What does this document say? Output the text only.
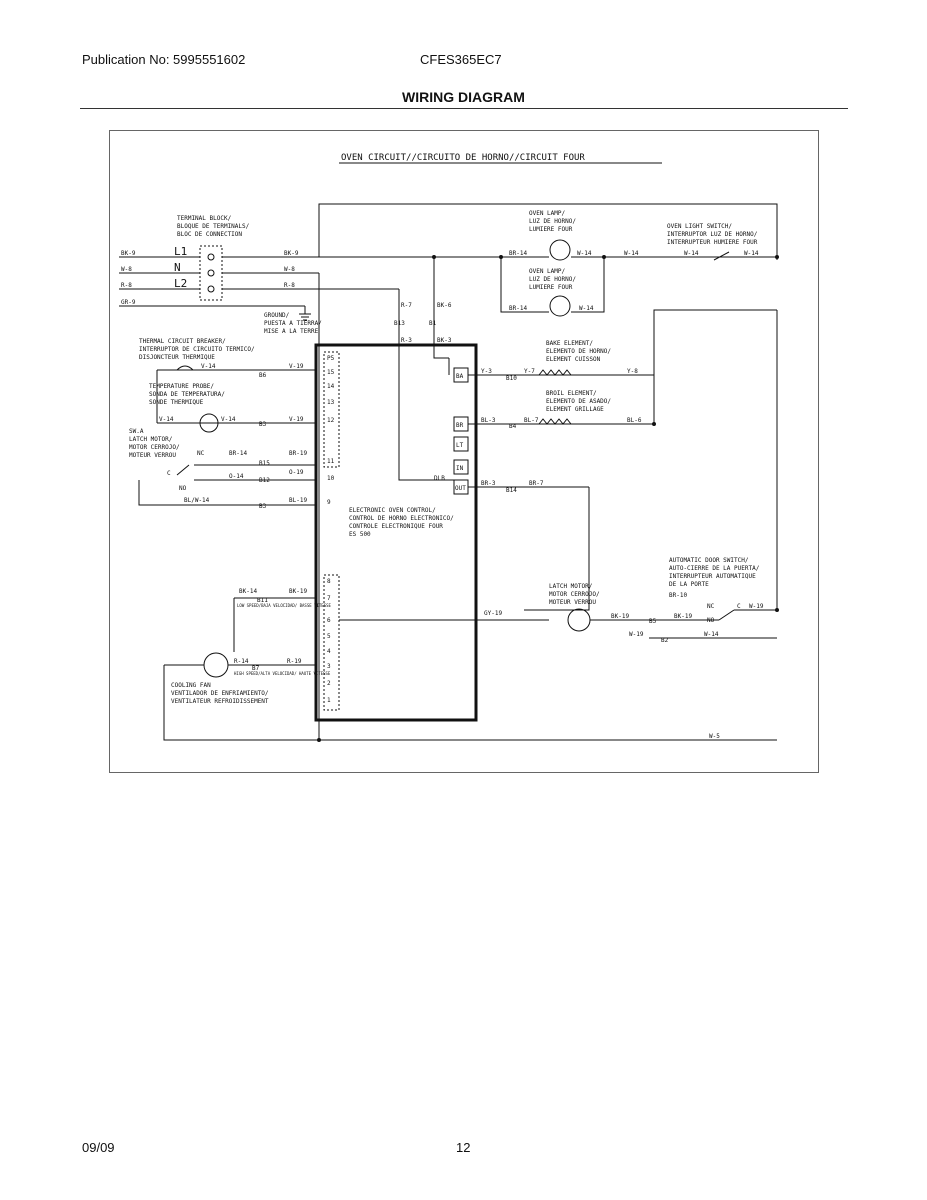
Publication No: 5995551602	CFES365EC7
WIRING DIAGRAM
OVEN CIRCUIT//CIRCUITO DE HORNO//CIRCUIT FOUR
TERMINAL BLOCK/
BLOQUE DE TERMINALS/
BLOC DE CONNECTION
L1
N
L2
BK-9
W-8
R-8
GR-9
BK-9
W-8
R-8
GROUND/
PUESTA A TIERRA/
MISE A LA TERRE
R-7	BK-6
B13	B1
R-3	BK-3
OVEN LAMP/
LUZ DE HORNO/
LUMIERE FOUR
OVEN LAMP/
LUZ DE HORNO/
LUMIERE FOUR
BR-14	W-14	W-14	W-14	W-14
BR-14	W-14
OVEN LIGHT SWITCH/
INTERRUPTOR LUZ DE HORNO/
INTERRUPTEUR HUMIERE FOUR
THERMAL CIRCUIT BREAKER/
INTERRUPTOR DE CIRCUITO TERMICO/
DISJONCTEUR THERMIQUE
V-14
B6
V-19
TEMPERATURE PROBE/
SONDA DE TEMPERATURA/
SONDE THERMIQUE
V-14	V-14
B3
V-19
SW.A
LATCH MOTOR/
MOTOR CERROJO/
MOTEUR VERROU	NC	BR-14
B15
BR-19
C	O-14
B12
O-19
NO
BL/W-14
B3
BL-19
P5
15
14
13
12
11
10
9
8
7
6
5
4
3
2
1
BA
BR
LT
IN
OUT
DLB
ELECTRONIC OVEN CONTROL/
CONTROL DE HORNO ELECTRONICO/
CONTROLE ELECTRONIQUE FOUR
ES 500
BAKE ELEMENT/
ELEMENTO DE HORNO/
ELEMENT CUISSON
Y-3
B10
Y-7	Y-8
BROIL ELEMENT/
ELEMENTO DE ASADO/
ELEMENT GRILLAGE
BL-3
B4
BL-7	BL-6
BR-3
B14
BR-7
LATCH MOTOR/
MOTOR CERROJO/
MOTEUR VERROU
GY-19	BK-19
B5
BK-19
W-19
B2
W-14
AUTOMATIC DOOR SWITCH/
AUTO-CIERRE DE LA PUERTA/
INTERRUPTEUR AUTOMATIQUE
DE LA PORTE
BR-10
NC
NO
C W-19
BK-14
B11
BK-19
LOW SPEED/BAJA VELOCIDAD/ BASSE VITESSE
R-14
B7
R-19
HIGH SPEED/ALTA VELOCIDAD/ HAUTE VITESSE
COOLING FAN
VENTILADOR DE ENFRIAMIENTO/
VENTILATEUR REFROIDISSEMENT
W-5
09/09	12
